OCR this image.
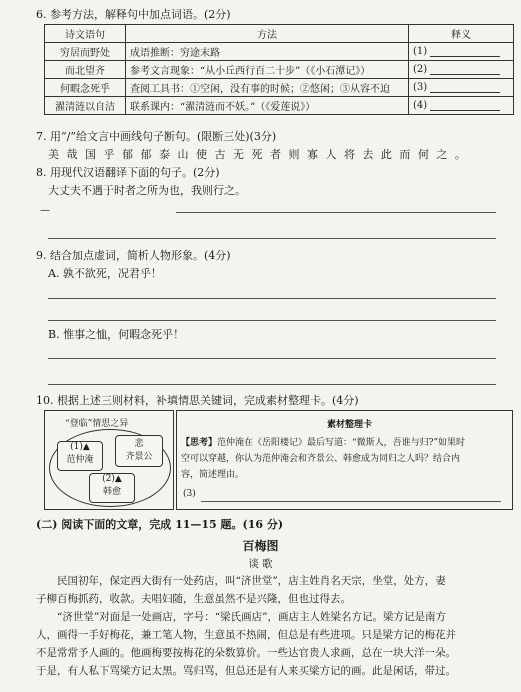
6. 参考方法，解释句中加点词语。(2分)
诗文语句	方法	释义
穷居而野处	成语推断：穷途末路	(1)
而北望齐	参考文言现象：“从小丘西行百二十步”（《小石潭记》）	(2)
何暇念死乎	查阅工具书：①空闲，没有事的时候；②悠闲；③从容不迫	(3)
濯清涟以自洁	联系课内：“濯清涟而不妖。”（《爱莲说》）	(4)
7. 用“/”给文言中画线句子断句。(限断三处)(3分)
美 哉 国 乎 郁 郁 泰 山 使 古 无 死 者 则 寡 人 将 去 此 而 何 之 。
8. 用现代汉语翻译下面的句子。(2分)
大丈夫不遇于时者之所为也，我则行之。
—
9. 结合加点虚词，简析人物形象。(4分)
A. 孰不欲死，况君乎！
B. 惟事之恤，何暇念死乎！
10. 根据上述三则材料，补填情思关键词，完成素材整理卡。(4分)
“登临”情思之异
(1)▲
范仲淹
悲
齐景公
(2)▲
韩愈
素材整理卡
【思考】范仲淹在《岳阳楼记》最后写道：“微斯人，吾谁与归?”如果时
空可以穿越，你认为范仲淹会和齐景公、韩愈成为同归之人吗？结合内
容，简述理由。
(3)
(二) 阅读下面的文章，完成 11—15 题。(16 分)
百梅图
谈 歌
　　民国初年，保定西大街有一处药店，叫“济世堂”，店主姓肖名天宗，坐堂，处方，妻
子柳百梅抓药，收款。夫唱妇随，生意虽然不是兴隆，但也过得去。
　　“济世堂”对面是一处画店，字号：“梁氏画店”，画店主人姓梁名方记。梁方记是南方
人，画得一手好梅花，兼工笔人物，生意虽不热闹，但总是有些进项。只是梁方记的梅花并
不是常常予人画的。他画梅要按梅花的朵数算价。一些达官贵人求画，总在一块大洋一朵。
于是，有人私下骂梁方记太黑。骂归骂，但总还是有人来买梁方记的画。此是闲话，带过。
